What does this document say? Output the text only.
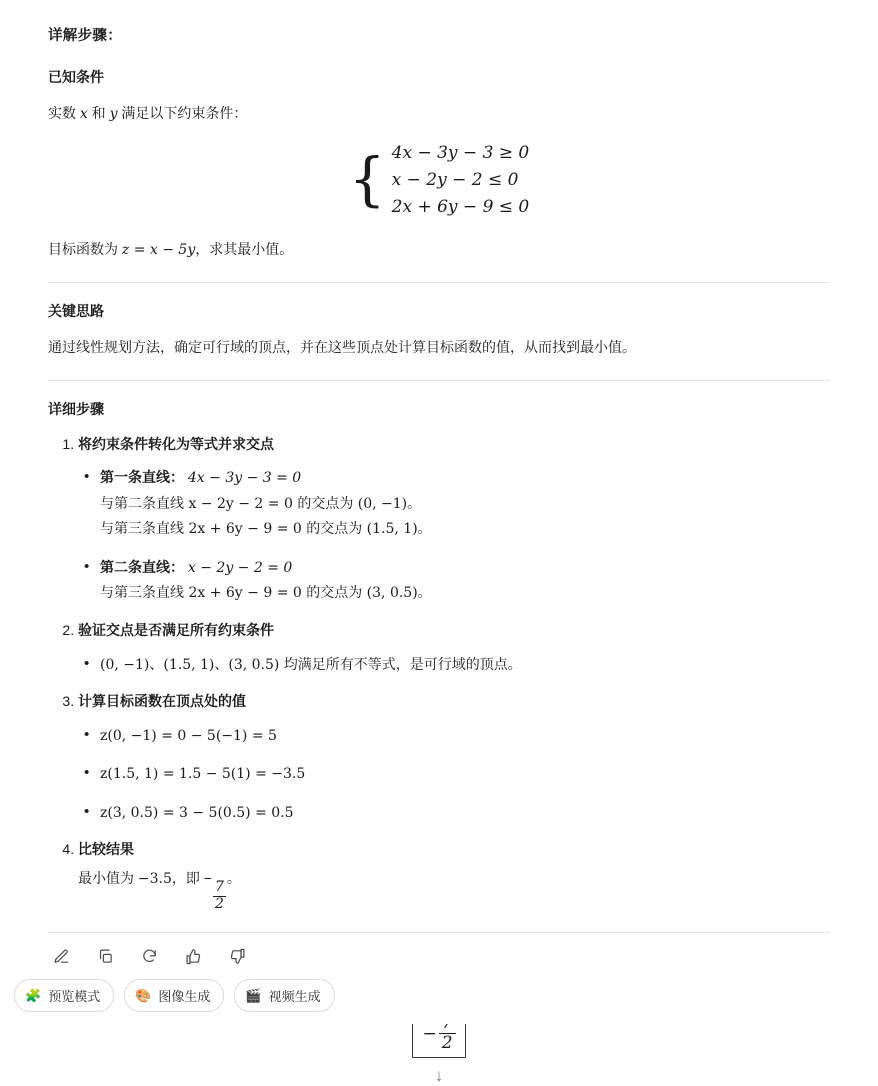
详解步骤：
已知条件
实数 x 和 y 满足以下约束条件：
{ 4x − 3y − 3 ≥ 0
x − 2y − 2 ≤ 0
2x + 6y − 9 ≤ 0
目标函数为 z = x − 5y，求其最小值。
关键思路
通过线性规划方法，确定可行域的顶点，并在这些顶点处计算目标函数的值，从而找到最小值。
详细步骤
1. 将约束条件转化为等式并求交点
• 第一条直线： 4x − 3y − 3 = 0
与第二条直线 x − 2y − 2 = 0 的交点为 (0, −1)。
与第三条直线 2x + 6y − 9 = 0 的交点为 (1.5, 1)。
• 第二条直线： x − 2y − 2 = 0
与第三条直线 2x + 6y − 9 = 0 的交点为 (3, 0.5)。
2. 验证交点是否满足所有约束条件
• (0, −1)、(1.5, 1)、(3, 0.5) 均满足所有不等式，是可行域的顶点。
3. 计算目标函数在顶点处的值
• z(0, −1) = 0 − 5(−1) = 5
• z(1.5, 1) = 1.5 − 5(1) = −3.5
• z(3, 0.5) = 3 − 5(0.5) = 0.5
4. 比较结果
最小值为 −3.5，即 −
$\frac{7}{2}$
。
− 2
↓
🧩 预览模式	🎨 图像生成	🎬 视频生成
